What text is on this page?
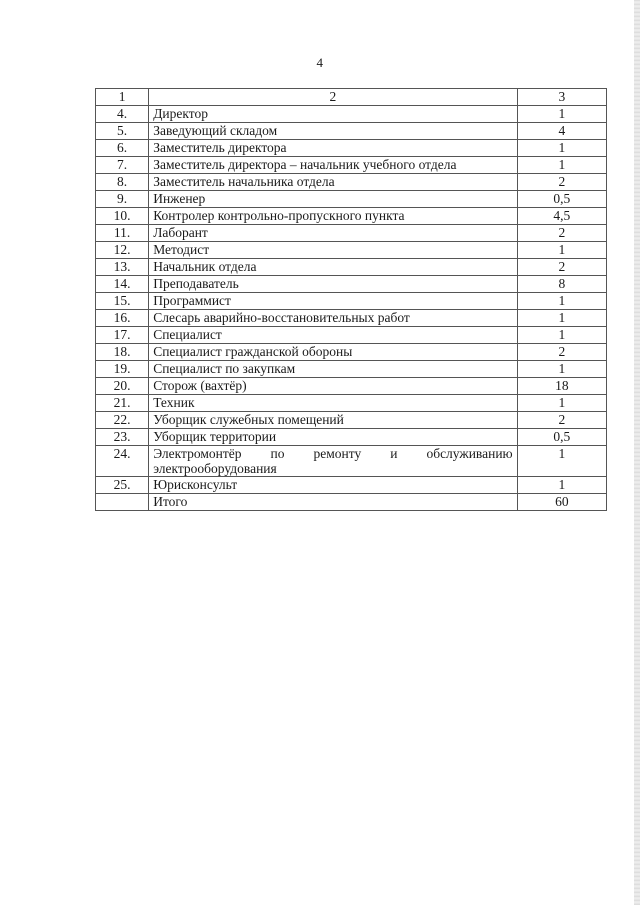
4
1	2	3
4.	Директор	1
5.	Заведующий складом	4
6.	Заместитель директора	1
7.	Заместитель директора – начальник учебного отдела	1
8.	Заместитель начальника отдела	2
9.	Инженер	0,5
10.	Контролер контрольно-пропускного пункта	4,5
11.	Лаборант	2
12.	Методист	1
13.	Начальник отдела	2
14.	Преподаватель	8
15.	Программист	1
16.	Слесарь аварийно-восстановительных работ	1
17.	Специалист	1
18.	Специалист гражданской обороны	2
19.	Специалист по закупкам	1
20.	Сторож (вахтёр)	18
21.	Техник	1
22.	Уборщик служебных помещений	2
23.	Уборщик территории	0,5
24.	Электромонтёр по ремонту и обслуживанию
электрооборудования	1
25.	Юрисконсульт	1
	Итого	60
